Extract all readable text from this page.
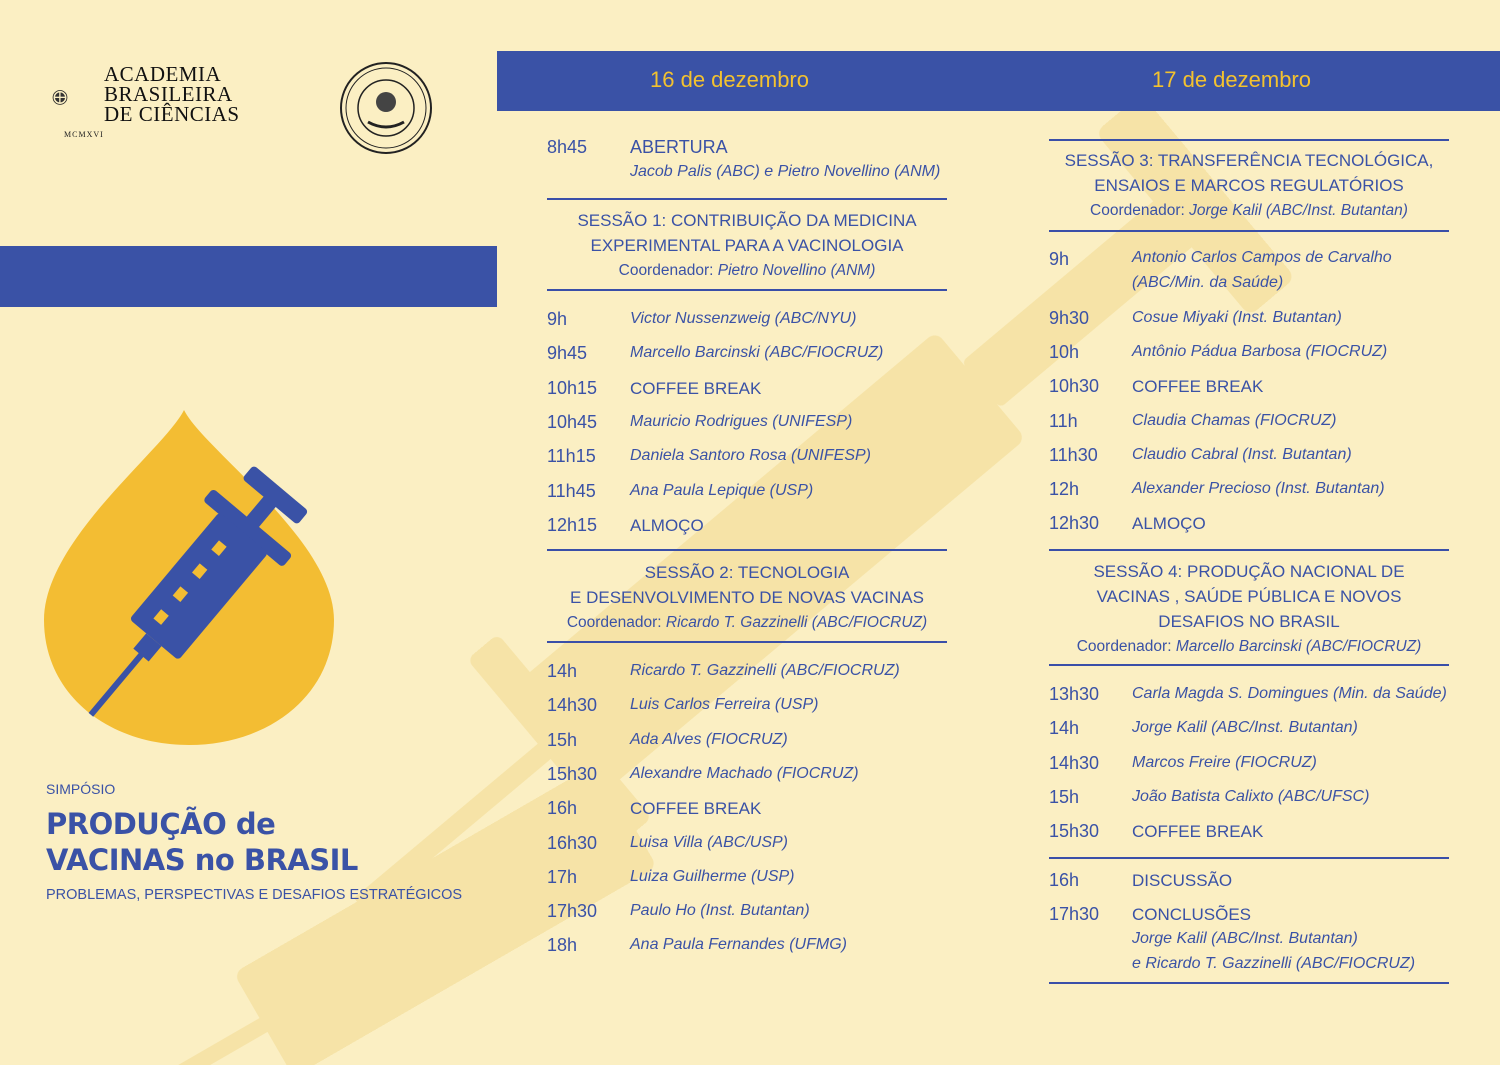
ACADEMIA
BRASILEIRA
DE CIÊNCIAS
MCMXVI
SIMPÓSIO
PRODUÇÃO de
VACINAS no BRASIL
PROBLEMAS, PERSPECTIVAS E DESAFIOS ESTRATÉGICOS
16 de dezembro	17 de dezembro
8h45 ABERTURA
Jacob Palis (ABC) e Pietro Novellino (ANM)
SESSÃO 1: CONTRIBUIÇÃO DA MEDICINA
EXPERIMENTAL PARA A VACINOLOGIA
Coordenador: Pietro Novellino (ANM)
9h	Victor Nussenzweig (ABC/NYU)
9h45	Marcello Barcinski (ABC/FIOCRUZ)
10h15 COFFEE BREAK
10h45 Mauricio Rodrigues (UNIFESP)
11h15 Daniela Santoro Rosa (UNIFESP)
11h45 Ana Paula Lepique (USP)
12h15 ALMOÇO
SESSÃO 2: TECNOLOGIA
E DESENVOLVIMENTO DE NOVAS VACINAS
Coordenador: Ricardo T. Gazzinelli (ABC/FIOCRUZ)
14h	Ricardo T. Gazzinelli (ABC/FIOCRUZ)
14h30 Luis Carlos Ferreira (USP)
15h	Ada Alves (FIOCRUZ)
15h30 Alexandre Machado (FIOCRUZ)
16h	COFFEE BREAK
16h30 Luisa Villa (ABC/USP)
17h	Luiza Guilherme (USP)
17h30 Paulo Ho (Inst. Butantan)
18h	Ana Paula Fernandes (UFMG)
SESSÃO 3: TRANSFERÊNCIA TECNOLÓGICA,
ENSAIOS E MARCOS REGULATÓRIOS
Coordenador: Jorge Kalil (ABC/Inst. Butantan)
9h	Antonio Carlos Campos de Carvalho
(ABC/Min. da Saúde)
9h30	Cosue Miyaki (Inst. Butantan)
10h	Antônio Pádua Barbosa (FIOCRUZ)
10h30 COFFEE BREAK
11h	Claudia Chamas (FIOCRUZ)
11h30 Claudio Cabral (Inst. Butantan)
12h	Alexander Precioso (Inst. Butantan)
12h30 ALMOÇO
SESSÃO 4: PRODUÇÃO NACIONAL DE
VACINAS , SAÚDE PÚBLICA E NOVOS
DESAFIOS NO BRASIL
Coordenador: Marcello Barcinski (ABC/FIOCRUZ)
13h30 Carla Magda S. Domingues (Min. da Saúde)
14h	Jorge Kalil (ABC/Inst. Butantan)
14h30 Marcos Freire (FIOCRUZ)
15h	João Batista Calixto (ABC/UFSC)
15h30 COFFEE BREAK
16h	DISCUSSÃO
17h30 CONCLUSÕES
Jorge Kalil (ABC/Inst. Butantan)
e Ricardo T. Gazzinelli (ABC/FIOCRUZ)
